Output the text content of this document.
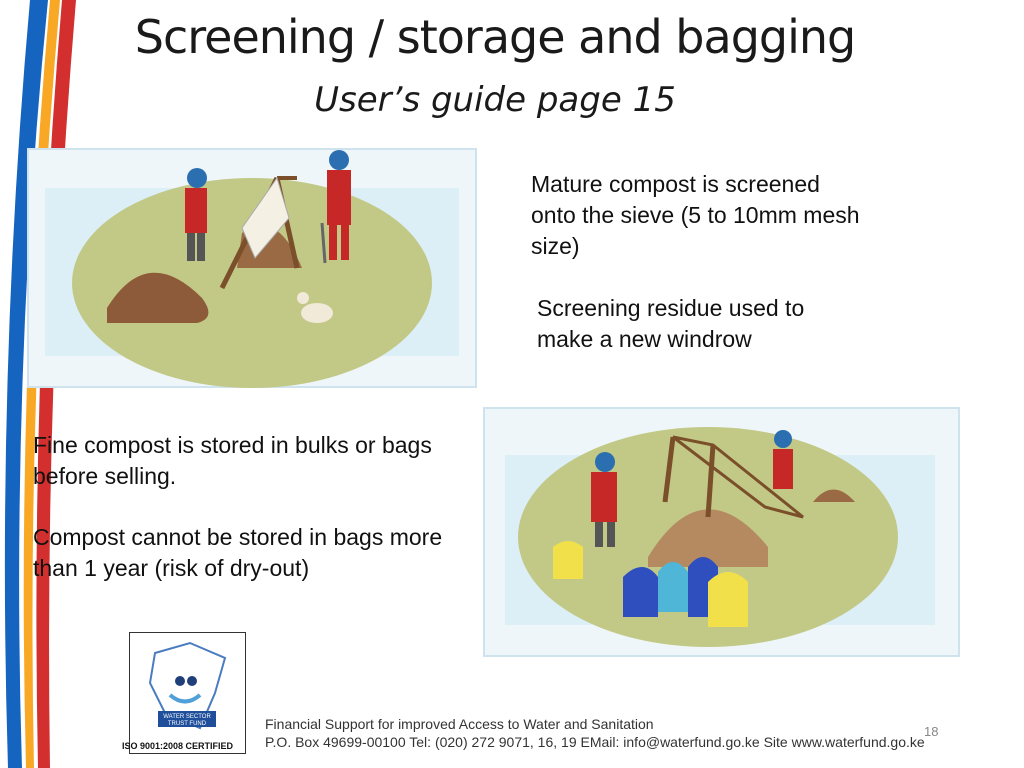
Screening / storage and bagging
User’s guide page 15
Mature compost is screened onto the sieve (5 to 10mm mesh size)
Screening residue used to make a new windrow
Fine compost is stored in bulks or bags before selling.
Compost cannot be stored in bags more than 1 year (risk of dry-out)
WATER SECTOR
TRUST FUND
ISO 9001:2008 CERTIFIED
Financial Support for improved Access to Water and Sanitation
P.O. Box 49699-00100 Tel: (020) 272 9071, 16, 19 EMail: info@waterfund.go.ke Site www.waterfund.go.ke
18
